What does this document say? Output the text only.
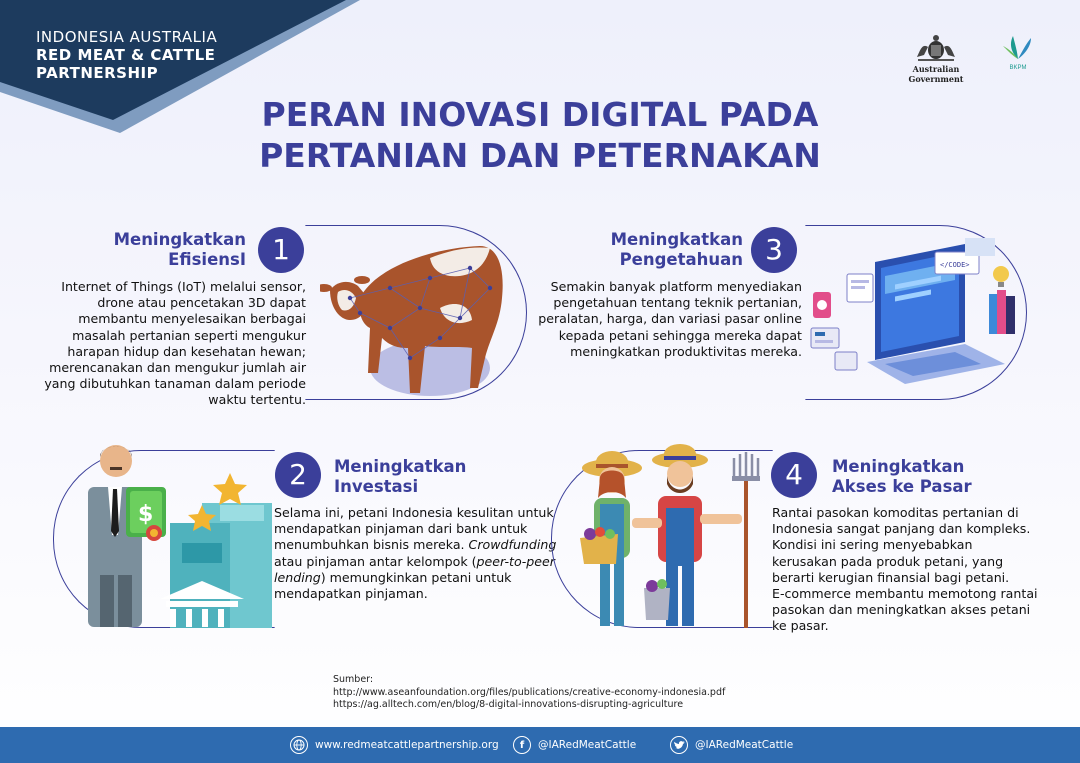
INDONESIA AUSTRALIA
RED MEAT & CATTLE
PARTNERSHIP	Australian Government
BKPM
PERAN INOVASI DIGITAL PADA
PERTANIAN DAN PETERNAKAN
Meningkatkan
EfisiensI 1
Internet of Things (IoT) melalui sensor,
drone atau pencetakan 3D dapat
membantu menyelesaikan berbagai
masalah pertanian seperti mengukur
harapan hidup dan kesehatan hewan;
merencanakan dan mengukur jumlah air
yang dibutuhkan tanaman dalam periode
waktu tertentu.
Meningkatkan
Pengetahuan 3
Semakin banyak platform menyediakan
pengetahuan tentang teknik pertanian,
peralatan, harga, dan variasi pasar online
kepada petani sehingga mereka dapat
meningkatkan produktivitas mereka.
</CODE>
2	Meningkatkan
Investasi
Selama ini, petani Indonesia kesulitan untuk
mendapatkan pinjaman dari bank untuk
menumbuhkan bisnis mereka. Crowdfunding
atau pinjaman antar kelompok (peer-to-peer
lending) memungkinkan petani untuk
mendapatkan pinjaman.
$
4	Meningkatkan
Akses ke Pasar
Rantai pasokan komoditas pertanian di
Indonesia sangat panjang dan kompleks.
Kondisi ini sering menyebabkan
kerusakan pada produk petani, yang
berarti kerugian finansial bagi petani.
E-commerce membantu memotong rantai
pasokan dan meningkatkan akses petani
ke pasar.
Sumber:
http://www.aseanfoundation.org/files/publications/creative-economy-indonesia.pdf
https://ag.alltech.com/en/blog/8-digital-innovations-disrupting-agriculture
www.redmeatcattlepartnership.org	f	@IARedMeatCattle	@IARedMeatCattle
